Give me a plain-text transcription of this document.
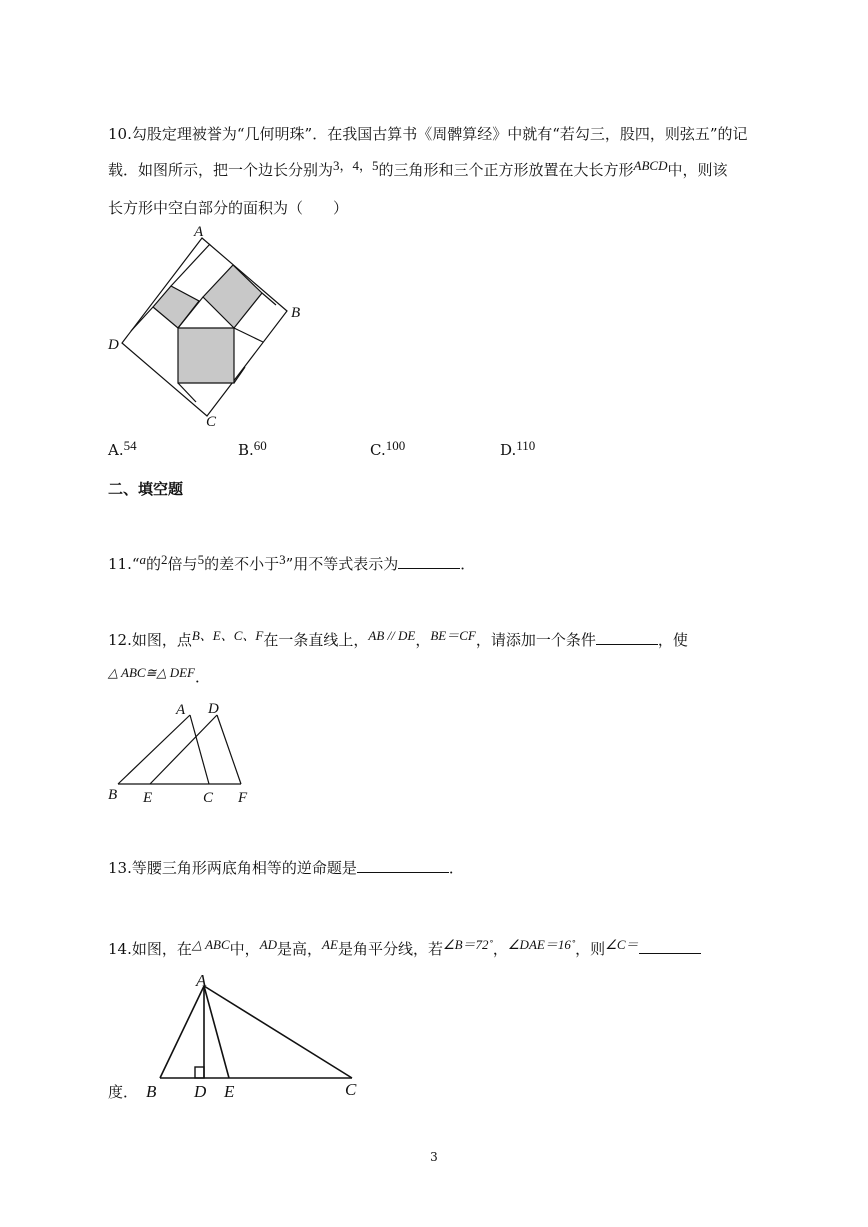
10.勾股定理被誉为“几何明珠”．在我国古算书《周髀算经》中就有“若勾三，股四，则弦五”的记
载．如图所示，把一个边长分别为3，4，5的三角形和三个正方形放置在大长方形ABCD中，则该
长方形中空白部分的面积为（　　）
A
B
C
D
A.54	B.60	C.100	D.110
二、填空题
11.“a的2倍与5的差不小于3”用不等式表示为	．
12.如图，点B、E、C、F在一条直线上，AB // DE，BE＝CF，请添加一个条件	，使
△ ABC≅△ DEF．
A D
B E	C F
13.等腰三角形两底角相等的逆命题是	．
14.如图，在△ ABC中，AD是高，AE是角平分线，若∠B＝72˚，∠DAE＝16˚，则∠C＝
A
B D E	C
度．
3
